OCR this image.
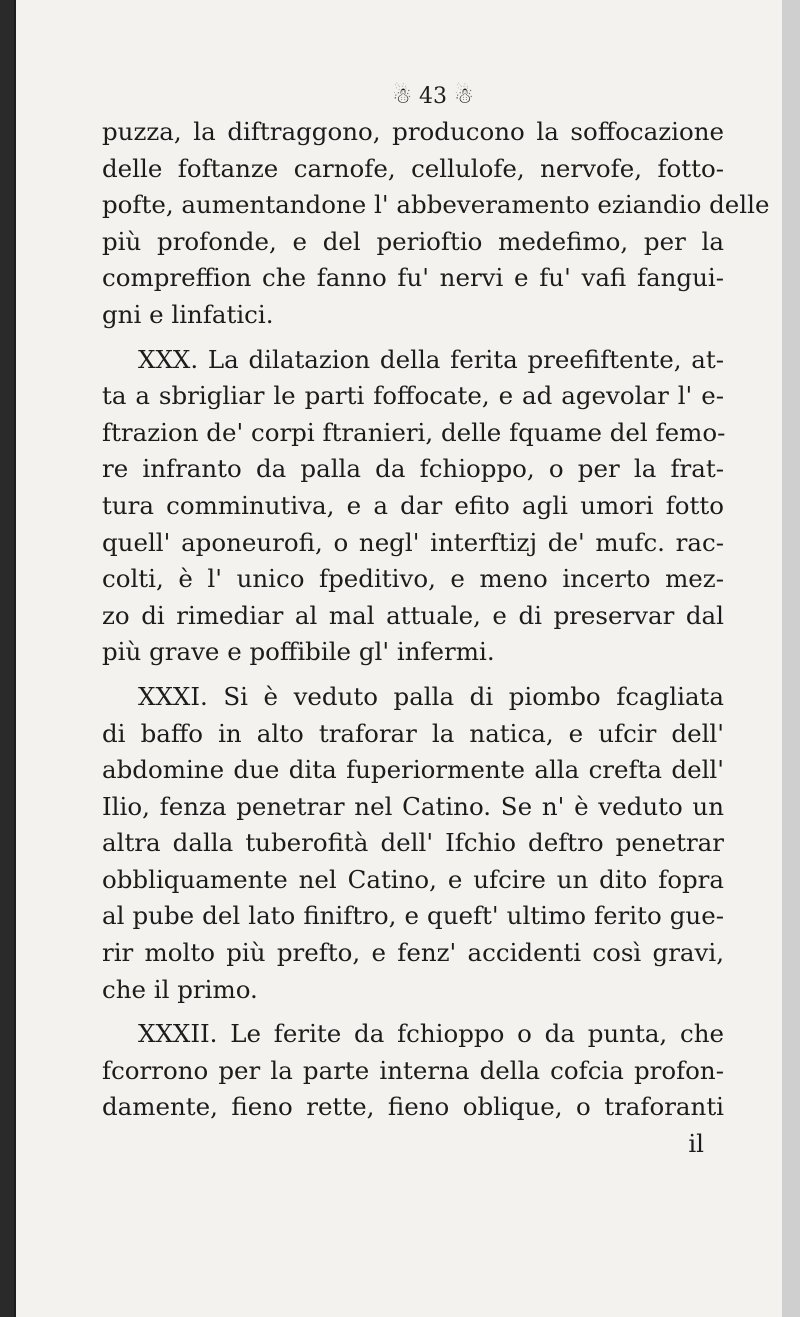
☃ 43 ☃
puzza, la diftraggono, producono la soffocazione
delle foftanze carnofe, cellulofe, nervofe, fotto-
pofte, aumentandone l' abbeveramento eziandio delle
più profonde, e del perioftio medefimo, per la
compreffion che fanno fu' nervi e fu' vafi fangui-
gni e linfatici.
XXX. La dilatazion della ferita preefiftente, at-
ta a sbrigliar le parti foffocate, e ad agevolar l' e-
ftrazion de' corpi ftranieri, delle fquame del femo-
re infranto da palla da fchioppo, o per la frat-
tura comminutiva, e a dar efito agli umori fotto
quell' aponeurofi, o negl' interftizj de' mufc. rac-
colti, è l' unico fpeditivo, e meno incerto mez-
zo di rimediar al mal attuale, e di preservar dal
più grave e poffibile gl' infermi.
XXXI. Si è veduto palla di piombo fcagliata
di baffo in alto traforar la natica, e ufcir dell'
abdomine due dita fuperiormente alla crefta dell'
Ilio, fenza penetrar nel Catino. Se n' è veduto un
altra dalla tuberofità dell' Ifchio deftro penetrar
obbliquamente nel Catino, e ufcire un dito fopra
al pube del lato finiftro, e queft' ultimo ferito gue-
rir molto più prefto, e fenz' accidenti così gravi,
che il primo.
XXXII. Le ferite da fchioppo o da punta, che
fcorrono per la parte interna della cofcia profon-
damente, fieno rette, fieno oblique, o traforanti
il
